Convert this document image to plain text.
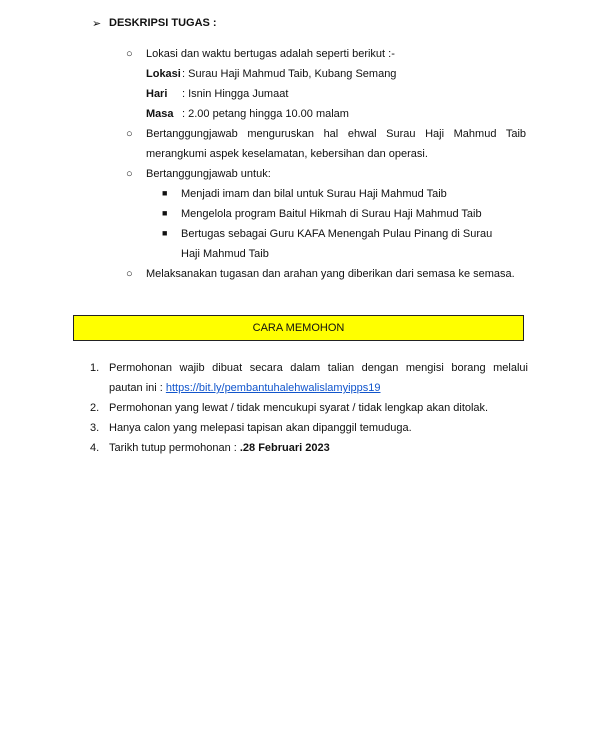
➢ DESKRIPSI TUGAS :
○ Lokasi dan waktu bertugas adalah seperti berikut :-
Lokasi: Surau Haji Mahmud Taib, Kubang Semang
Hari : Isnin Hingga Jumaat
Masa : 2.00 petang hingga 10.00 malam
○ Bertanggungjawab menguruskan hal ehwal Surau Haji Mahmud Taib
merangkumi aspek keselamatan, kebersihan dan operasi.
○ Bertanggungjawab untuk:
■ Menjadi imam dan bilal untuk Surau Haji Mahmud Taib
■ Mengelola program Baitul Hikmah di Surau Haji Mahmud Taib
■ Bertugas sebagai Guru KAFA Menengah Pulau Pinang di Surau
Haji Mahmud Taib
○ Melaksanakan tugasan dan arahan yang diberikan dari semasa ke semasa.
CARA MEMOHON
1. Permohonan wajib dibuat secara dalam talian dengan mengisi borang melalui
pautan ini : https://bit.ly/pembantuhalehwalislamyipps19
2. Permohonan yang lewat / tidak mencukupi syarat / tidak lengkap akan ditolak.
3. Hanya calon yang melepasi tapisan akan dipanggil temuduga.
4. Tarikh tutup permohonan : .28 Februari 2023
